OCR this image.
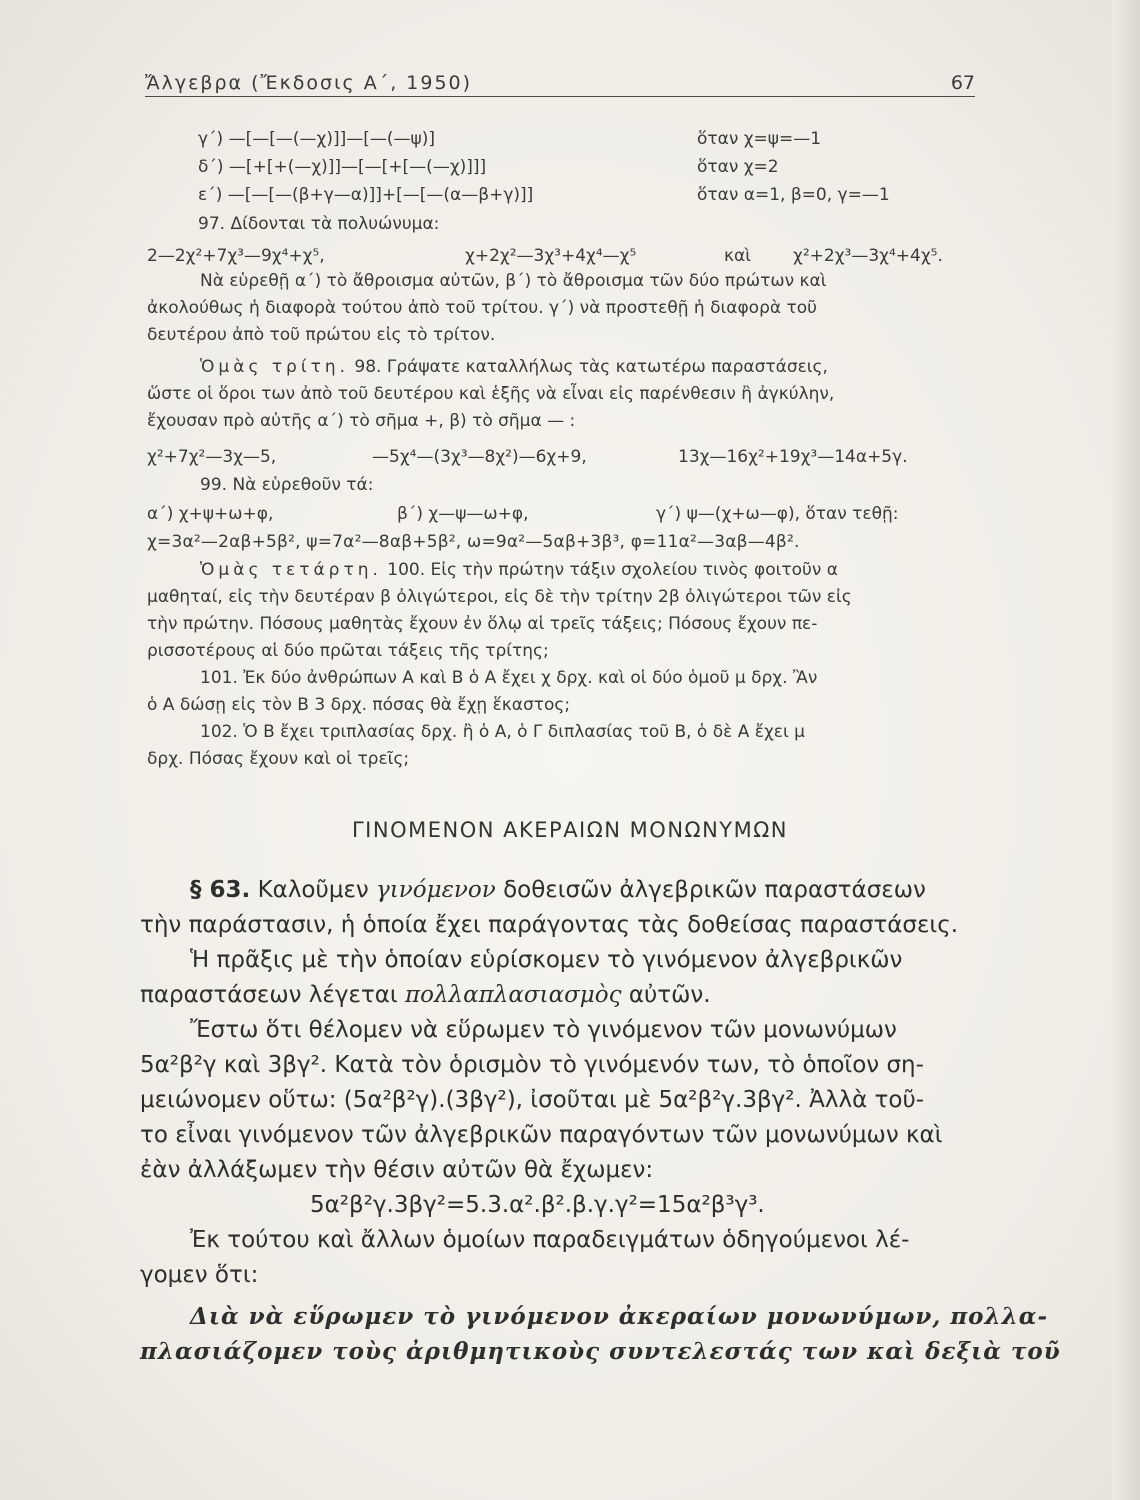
Ἄλγεβρα (Ἔκδοσις Α΄, 1950)	67
γ΄) —[—[—(—χ)]]—[—(—ψ)]	ὅταν χ=ψ=—1
δ΄) —[+[+(—χ)]]—[—[+[—(—χ)]]]	ὅταν χ=2
ε΄) —[—[—(β+γ—α)]]+[—[—(α—β+γ)]]	ὅταν α=1, β=0, γ=—1
97. Δίδονται τὰ πολυώνυμα:
2—2χ²+7χ³—9χ⁴+χ⁵,	χ+2χ²—3χ³+4χ⁴—χ⁵	καὶ χ²+2χ³—3χ⁴+4χ⁵.
Νὰ εὑρεθῇ α΄) τὸ ἄθροισμα αὐτῶν, β΄) τὸ ἄθροισμα τῶν δύο πρώτων καὶ
ἀκολούθως ἡ διαφορὰ τούτου ἀπὸ τοῦ τρίτου. γ΄) νὰ προστεθῇ ἡ διαφορὰ τοῦ
δευτέρου ἀπὸ τοῦ πρώτου εἰς τὸ τρίτον.
Ὁμὰς τρίτη. 98. Γράψατε καταλλήλως τὰς κατωτέρω παραστάσεις,
ὥστε οἱ ὅροι των ἀπὸ τοῦ δευτέρου καὶ ἑξῆς νὰ εἶναι εἰς παρένθεσιν ἢ ἀγκύλην,
ἔχουσαν πρὸ αὐτῆς α΄) τὸ σῆμα +, β) τὸ σῆμα — :
χ²+7χ²—3χ—5,	—5χ⁴—(3χ³—8χ²)—6χ+9,	13χ—16χ²+19χ³—14α+5γ.
99. Νὰ εὑρεθοῦν τά:
α΄) χ+ψ+ω+φ,	β΄) χ—ψ—ω+φ,	γ΄) ψ—(χ+ω—φ), ὅταν τεθῇ:
χ=3α²—2αβ+5β², ψ=7α²—8αβ+5β², ω=9α²—5αβ+3β³, φ=11α²—3αβ—4β².
Ὁμὰς τετάρτη. 100. Εἰς τὴν πρώτην τάξιν σχολείου τινὸς φοιτοῦν α
μαθηταί, εἰς τὴν δευτέραν β ὀλιγώτεροι, εἰς δὲ τὴν τρίτην 2β ὀλιγώτεροι τῶν εἰς
τὴν πρώτην. Πόσους μαθητὰς ἔχουν ἐν ὅλῳ αἱ τρεῖς τάξεις; Πόσους ἔχουν πε-
ρισσοτέρους αἱ δύο πρῶται τάξεις τῆς τρίτης;
101. Ἐκ δύο ἀνθρώπων Α καὶ Β ὁ Α ἔχει χ δρχ. καὶ οἱ δύο ὁμοῦ μ δρχ. Ἂν
ὁ Α δώσῃ εἰς τὸν Β 3 δρχ. πόσας θὰ ἔχῃ ἕκαστος;
102. Ὁ Β ἔχει τριπλασίας δρχ. ἢ ὁ Α, ὁ Γ διπλασίας τοῦ Β, ὁ δὲ Α ἔχει μ
δρχ. Πόσας ἔχουν καὶ οἱ τρεῖς;
ΓΙΝΟΜΕΝΟΝ ΑΚΕΡΑΙΩΝ ΜΟΝΩΝΥΜΩΝ
§ 63. Καλοῦμεν γινόμενον δοθεισῶν ἀλγεβρικῶν παραστάσεων
τὴν παράστασιν, ἡ ὁποία ἔχει παράγοντας τὰς δοθείσας παραστάσεις.
Ἡ πρᾶξις μὲ τὴν ὁποίαν εὑρίσκομεν τὸ γινόμενον ἀλγεβρικῶν
παραστάσεων λέγεται πολλαπλασιασμὸς αὐτῶν.
Ἔστω ὅτι θέλομεν νὰ εὕρωμεν τὸ γινόμενον τῶν μονωνύμων
5α²β²γ καὶ 3βγ². Κατὰ τὸν ὁρισμὸν τὸ γινόμενόν των, τὸ ὁποῖον ση-
μειώνομεν οὕτω: (5α²β²γ).(3βγ²), ἰσοῦται μὲ 5α²β²γ.3βγ². Ἀλλὰ τοῦ-
το εἶναι γινόμενον τῶν ἀλγεβρικῶν παραγόντων τῶν μονωνύμων καὶ
ἐὰν ἀλλάξωμεν τὴν θέσιν αὐτῶν θὰ ἔχωμεν:
5α²β²γ.3βγ²=5.3.α².β².β.γ.γ²=15α²β³γ³.
Ἐκ τούτου καὶ ἄλλων ὁμοίων παραδειγμάτων ὁδηγούμενοι λέ-
γομεν ὅτι:
Διὰ νὰ εὕρωμεν τὸ γινόμενον ἀκεραίων μονωνύμων, πολλα-
πλασιάζομεν τοὺς ἀριθμητικοὺς συντελεστάς των καὶ δεξιὰ τοῦ
